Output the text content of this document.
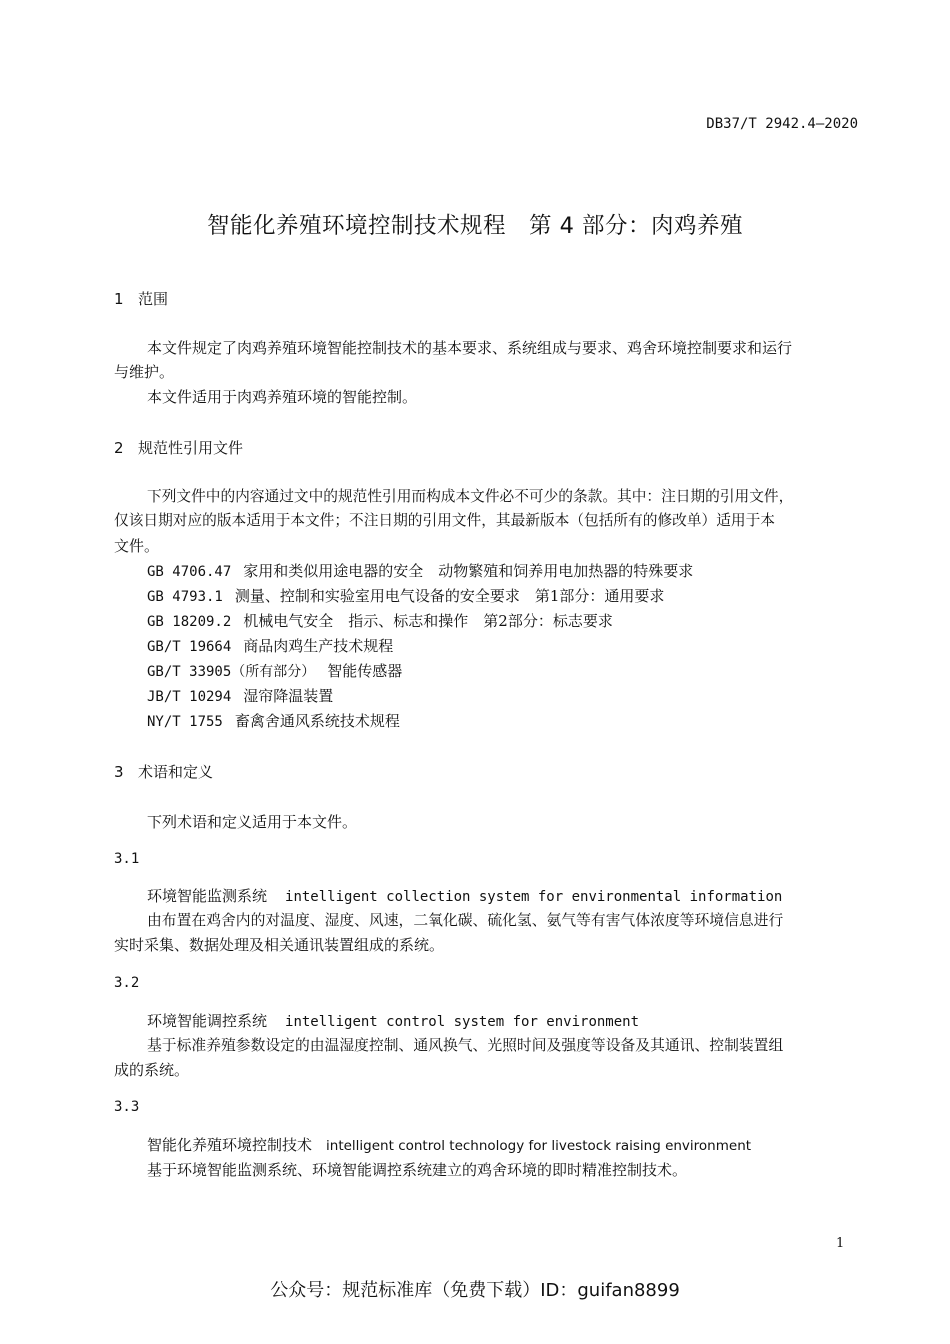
DB37/T 2942.4—2020
智能化养殖环境控制技术规程　第 4 部分：肉鸡养殖
1 范围
本文件规定了肉鸡养殖环境智能控制技术的基本要求、系统组成与要求、鸡舍环境控制要求和运行
与维护。
本文件适用于肉鸡养殖环境的智能控制。
2 规范性引用文件
下列文件中的内容通过文中的规范性引用而构成本文件必不可少的条款。其中：注日期的引用文件，
仅该日期对应的版本适用于本文件；不注日期的引用文件，其最新版本（包括所有的修改单）适用于本
文件。
GB 4706.47 家用和类似用途电器的安全　动物繁殖和饲养用电加热器的特殊要求
GB 4793.1 测量、控制和实验室用电气设备的安全要求　第1部分：通用要求
GB 18209.2 机械电气安全　指示、标志和操作　第2部分：标志要求
GB/T 19664 商品肉鸡生产技术规程
GB/T 33905（所有部分） 智能传感器
JB/T 10294 湿帘降温装置
NY/T 1755 畜禽舍通风系统技术规程
3 术语和定义
下列术语和定义适用于本文件。
3.1
环境智能监测系统 intelligent collection system for environmental information
由布置在鸡舍内的对温度、湿度、风速，二氧化碳、硫化氢、氨气等有害气体浓度等环境信息进行
实时采集、数据处理及相关通讯装置组成的系统。
3.2
环境智能调控系统 intelligent control system for environment
基于标准养殖参数设定的由温湿度控制、通风换气、光照时间及强度等设备及其通讯、控制装置组
成的系统。
3.3
智能化养殖环境控制技术 intelligent control technology for livestock raising environment
基于环境智能监测系统、环境智能调控系统建立的鸡舍环境的即时精准控制技术。
1
公众号：规范标准库（免费下载）ID：guifan8899
